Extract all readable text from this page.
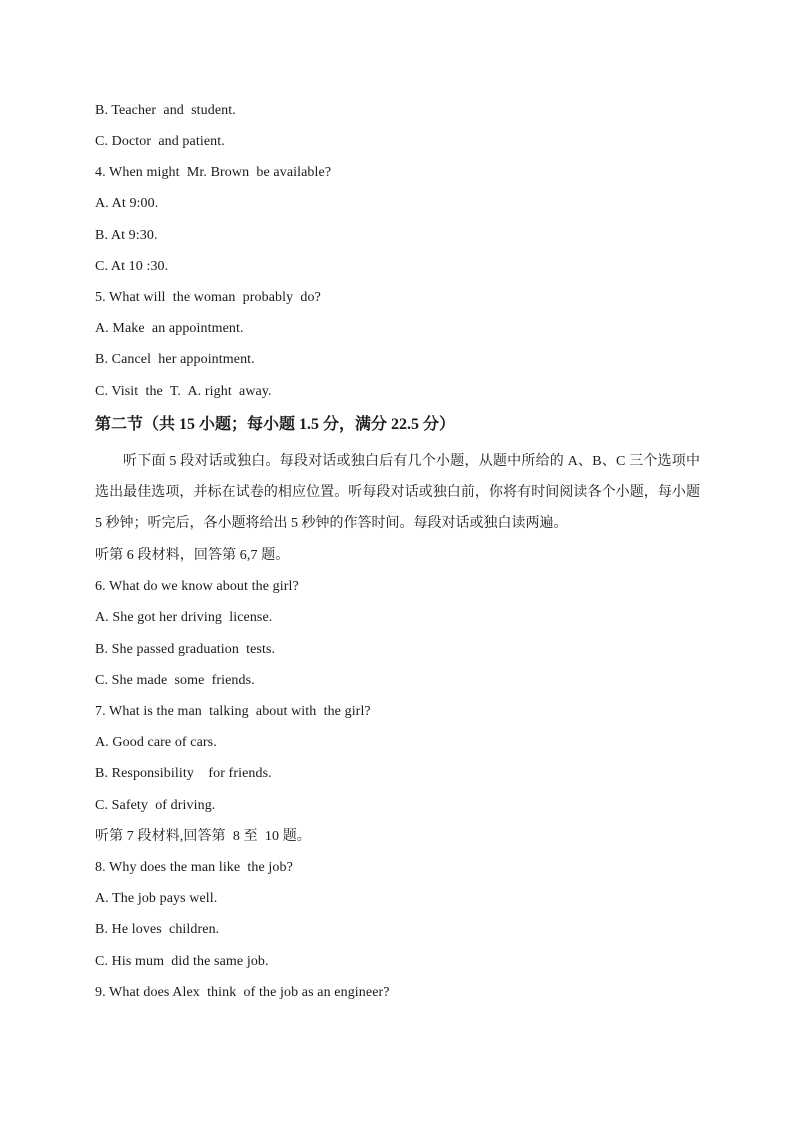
B. Teacher  and  student.
C. Doctor  and patient.
4. When might  Mr. Brown  be available?
A. At 9:00.
B. At 9:30.
C. At 10 :30.
5. What will  the woman  probably  do?
A. Make  an appointment.
B. Cancel  her appointment.
C. Visit  the  T.  A. right  away.
第二节（共 15 小题；每小题 1.5 分，满分 22.5 分）

听下面 5 段对话或独白。每段对话或独白后有几个小题，从题中所给的 A、B、C 三个选项中选出最佳选项，并标在试卷的相应位置。听每段对话或独白前，你将有时间阅读各个小题，每小题 5 秒钟；听完后，各小题将给出 5 秒钟的作答时间。每段对话或独白读两遍。

听第 6 段材料，回答第 6,7 题。
6. What do we know about the girl?
A. She got her driving  license.
B. She passed graduation  tests.
C. She made  some  friends.
7. What is the man  talking  about with  the girl?
A. Good care of cars.
B. Responsibility    for friends.
C. Safety  of driving.
听第 7 段材料,回答第  8 至  10 题。
8. Why does the man like  the job?
A. The job pays well.
B. He loves  children.
C. His mum  did the same job.
9. What does Alex  think  of the job as an engineer?
